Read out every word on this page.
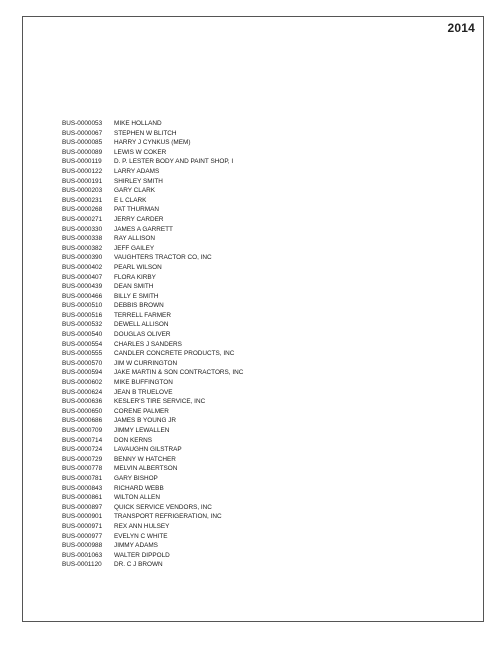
2014
BUS-0000053	MIKE HOLLAND
BUS-0000067	STEPHEN W BLITCH
BUS-0000085	HARRY J CYNKUS (MEM)
BUS-0000089	LEWIS W COKER
BUS-0000119	D. P. LESTER BODY AND PAINT SHOP, I
BUS-0000122	LARRY ADAMS
BUS-0000191	SHIRLEY SMITH
BUS-0000203	GARY CLARK
BUS-0000231	E L CLARK
BUS-0000268	PAT THURMAN
BUS-0000271	JERRY CARDER
BUS-0000330	JAMES A GARRETT
BUS-0000338	RAY ALLISON
BUS-0000382	JEFF GAILEY
BUS-0000390	VAUGHTERS TRACTOR CO, INC
BUS-0000402	PEARL WILSON
BUS-0000407	FLORA KIRBY
BUS-0000439	DEAN SMITH
BUS-0000466	BILLY E SMITH
BUS-0000510	DEBBIS BROWN
BUS-0000516	TERRELL FARMER
BUS-0000532	DEWELL ALLISON
BUS-0000540	DOUGLAS OLIVER
BUS-0000554	CHARLES J SANDERS
BUS-0000555	CANDLER CONCRETE PRODUCTS, INC
BUS-0000570	JIM W CURRINGTON
BUS-0000594	JAKE MARTIN & SON CONTRACTORS, INC
BUS-0000602	MIKE BUFFINGTON
BUS-0000624	JEAN B TRUELOVE
BUS-0000636	KESLER'S TIRE SERVICE, INC
BUS-0000650	CORENE PALMER
BUS-0000686	JAMES B YOUNG JR
BUS-0000709	JIMMY LEWALLEN
BUS-0000714	DON KERNS
BUS-0000724	LAVAUGHN GILSTRAP
BUS-0000729	BENNY W HATCHER
BUS-0000778	MELVIN ALBERTSON
BUS-0000781	GARY BISHOP
BUS-0000843	RICHARD WEBB
BUS-0000861	WILTON ALLEN
BUS-0000897	QUICK SERVICE VENDORS, INC
BUS-0000901	TRANSPORT REFRIGERATION, INC
BUS-0000971	REX ANN HULSEY
BUS-0000977	EVELYN C WHITE
BUS-0000988	JIMMY ADAMS
BUS-0001063	WALTER DIPPOLD
BUS-0001120	DR. C J BROWN
